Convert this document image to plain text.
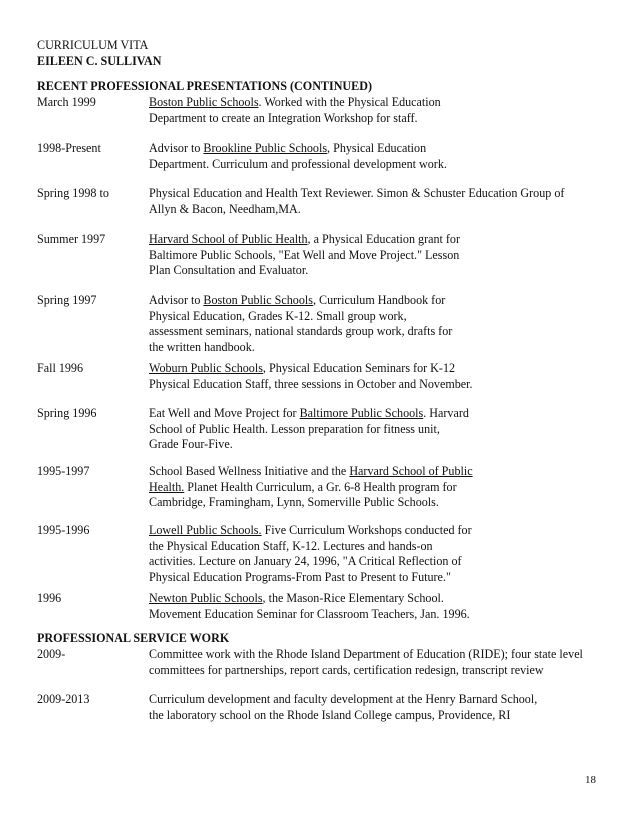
CURRICULUM VITA
EILEEN C. SULLIVAN
RECENT PROFESSIONAL PRESENTATIONS (CONTINUED)
March 1999	Boston Public Schools. Worked with the Physical Education
Department to create an Integration Workshop for staff.
1998-Present	Advisor to Brookline Public Schools, Physical Education
Department. Curriculum and professional development work.
Spring 1998 to	Physical Education and Health Text Reviewer. Simon & Schuster Education Group of
Allyn & Bacon, Needham,MA.
Summer 1997	Harvard School of Public Health, a Physical Education grant for
Baltimore Public Schools, "Eat Well and Move Project." Lesson
Plan Consultation and Evaluator.
Spring 1997	Advisor to Boston Public Schools, Curriculum Handbook for
Physical Education, Grades K-12. Small group work,
assessment seminars, national standards group work, drafts for
the written handbook.
Fall 1996	Woburn Public Schools, Physical Education Seminars for K-12
Physical Education Staff, three sessions in October and November.
Spring 1996	Eat Well and Move Project for Baltimore Public Schools. Harvard
School of Public Health. Lesson preparation for fitness unit,
Grade Four-Five.
1995-1997	School Based Wellness Initiative and the Harvard School of Public
Health. Planet Health Curriculum, a Gr. 6-8 Health program for
Cambridge, Framingham, Lynn, Somerville Public Schools.
1995-1996	Lowell Public Schools. Five Curriculum Workshops conducted for
the Physical Education Staff, K-12. Lectures and hands-on
activities. Lecture on January 24, 1996, "A Critical Reflection of
Physical Education Programs-From Past to Present to Future."
1996	Newton Public Schools, the Mason-Rice Elementary School.
Movement Education Seminar for Classroom Teachers, Jan. 1996.
PROFESSIONAL SERVICE WORK
2009-	Committee work with the Rhode Island Department of Education (RIDE); four state level
committees for partnerships, report cards, certification redesign, transcript review
2009-2013	Curriculum development and faculty development at the Henry Barnard School,
the laboratory school on the Rhode Island College campus, Providence, RI
18
